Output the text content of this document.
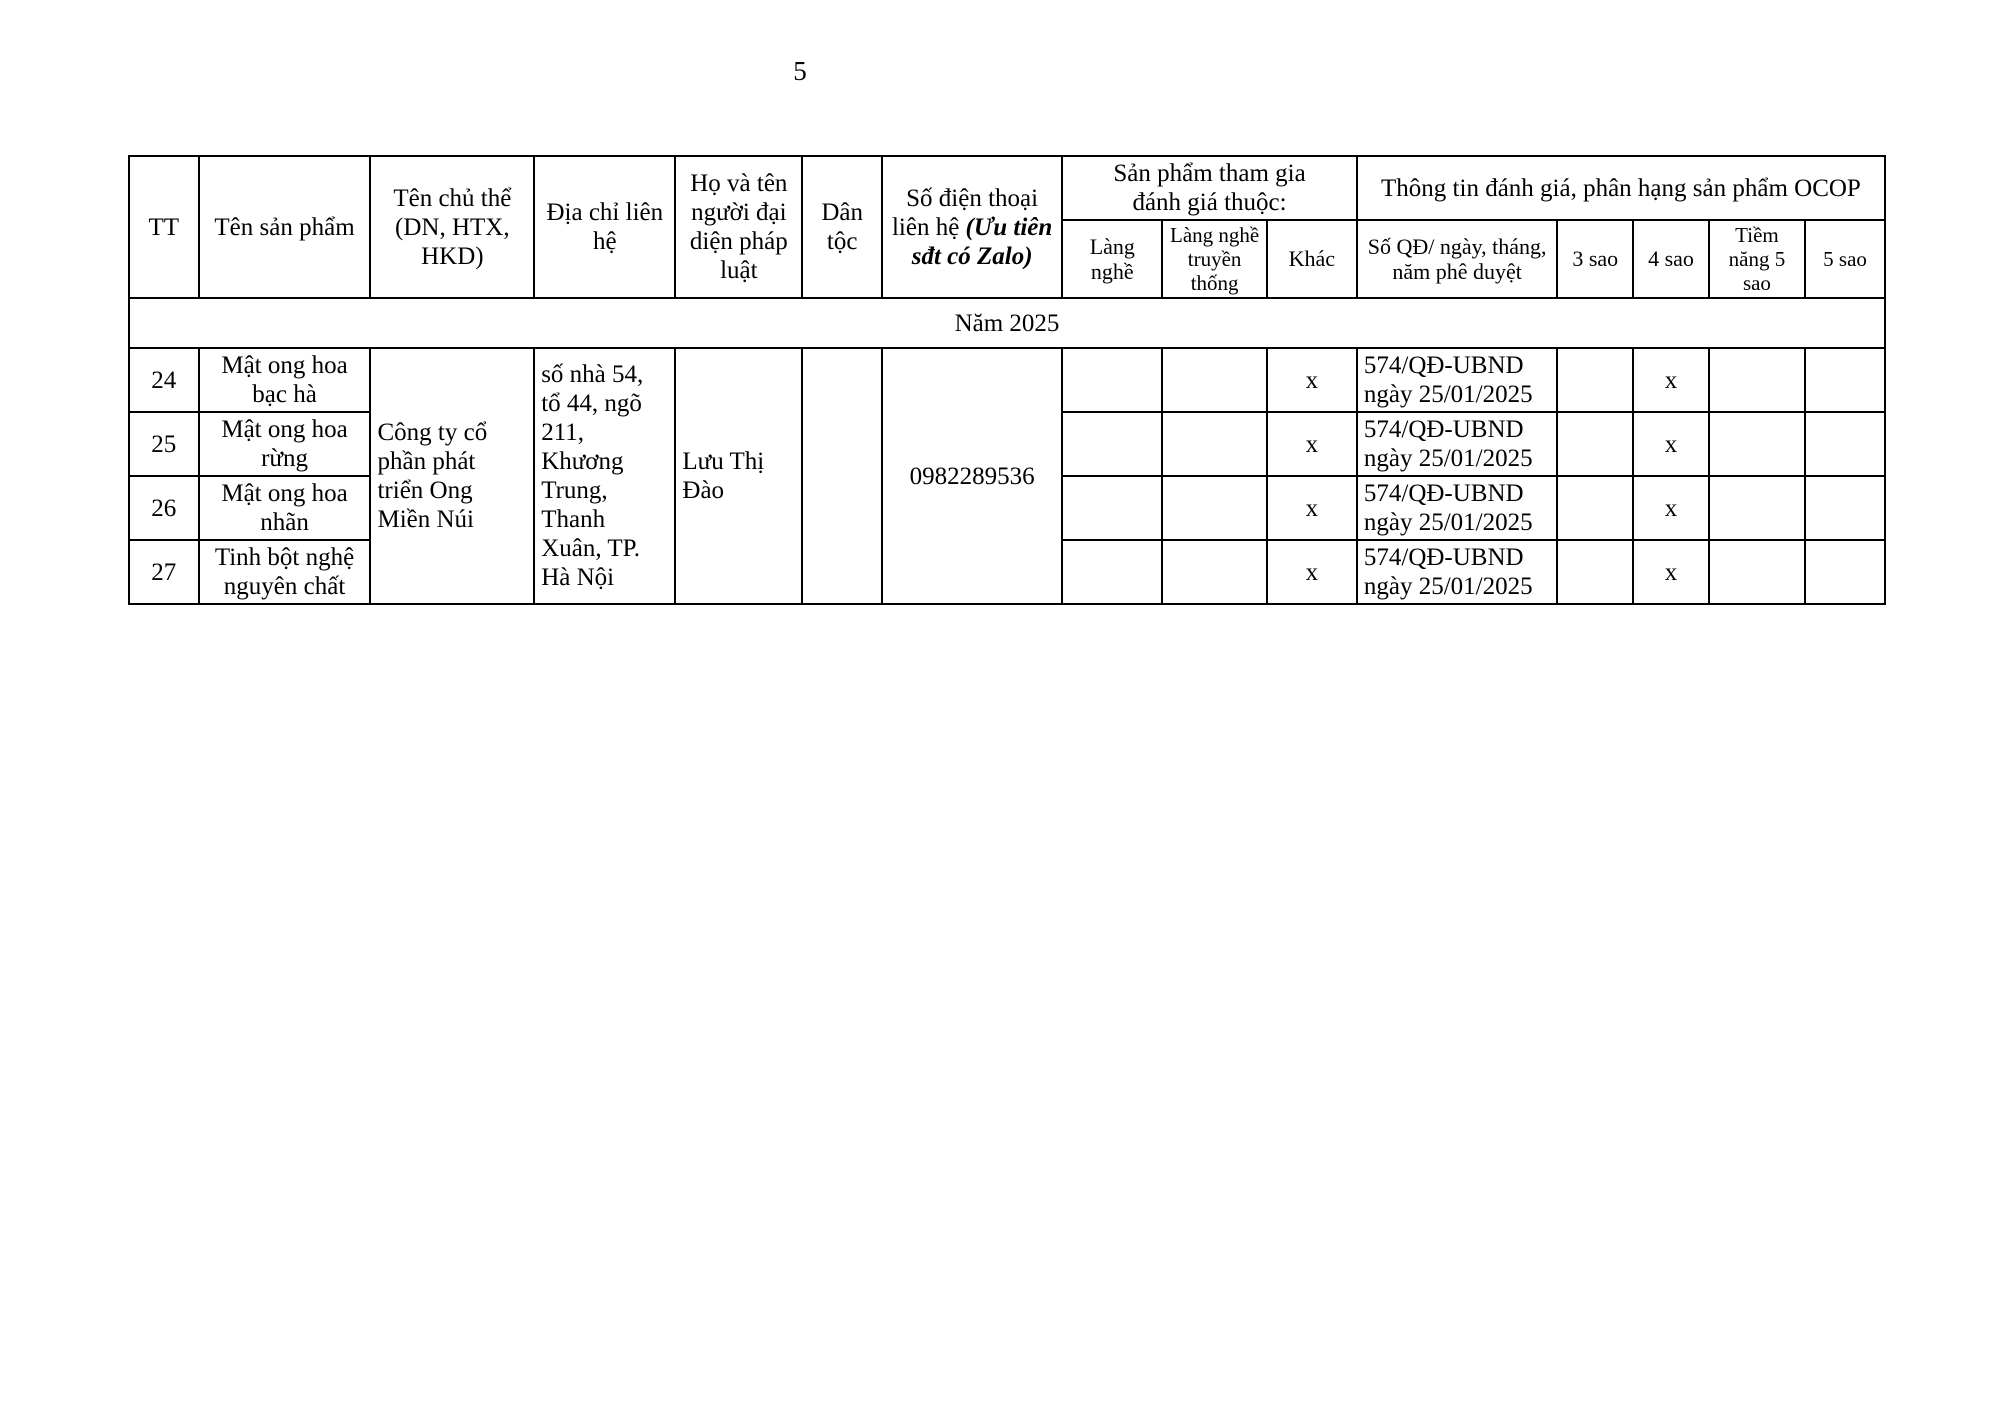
5
TT	Tên sản phẩm	Tên chủ thể (DN, HTX, HKD)	Địa chỉ liên hệ	Họ và tên người đại diện pháp luật	Dân tộc	Số điện thoại liên hệ (Ưu tiên sđt có Zalo)	Sản phẩm tham gia
đánh giá thuộc:			Thông tin đánh giá, phân hạng sản phẩm OCOP				
							Làng nghề	Làng nghề truyền thống	Khác	Số QĐ/ ngày, tháng, năm phê duyệt	3 sao	4 sao	Tiềm năng 5 sao	5 sao
Năm 2025														
24	Mật ong hoa bạc hà	Công ty cổ phần phát triển Ong Miền Núi	số nhà 54, tổ 44, ngõ 211, Khương Trung, Thanh Xuân, TP. Hà Nội	Lưu Thị Đào		0982289536			x	574/QĐ-UBND ngày 25/01/2025		x		
25	Mật ong hoa rừng								x	574/QĐ-UBND ngày 25/01/2025		x		
26	Mật ong hoa nhãn								x	574/QĐ-UBND ngày 25/01/2025		x		
27	Tinh bột nghệ nguyên chất								x	574/QĐ-UBND ngày 25/01/2025		x		
